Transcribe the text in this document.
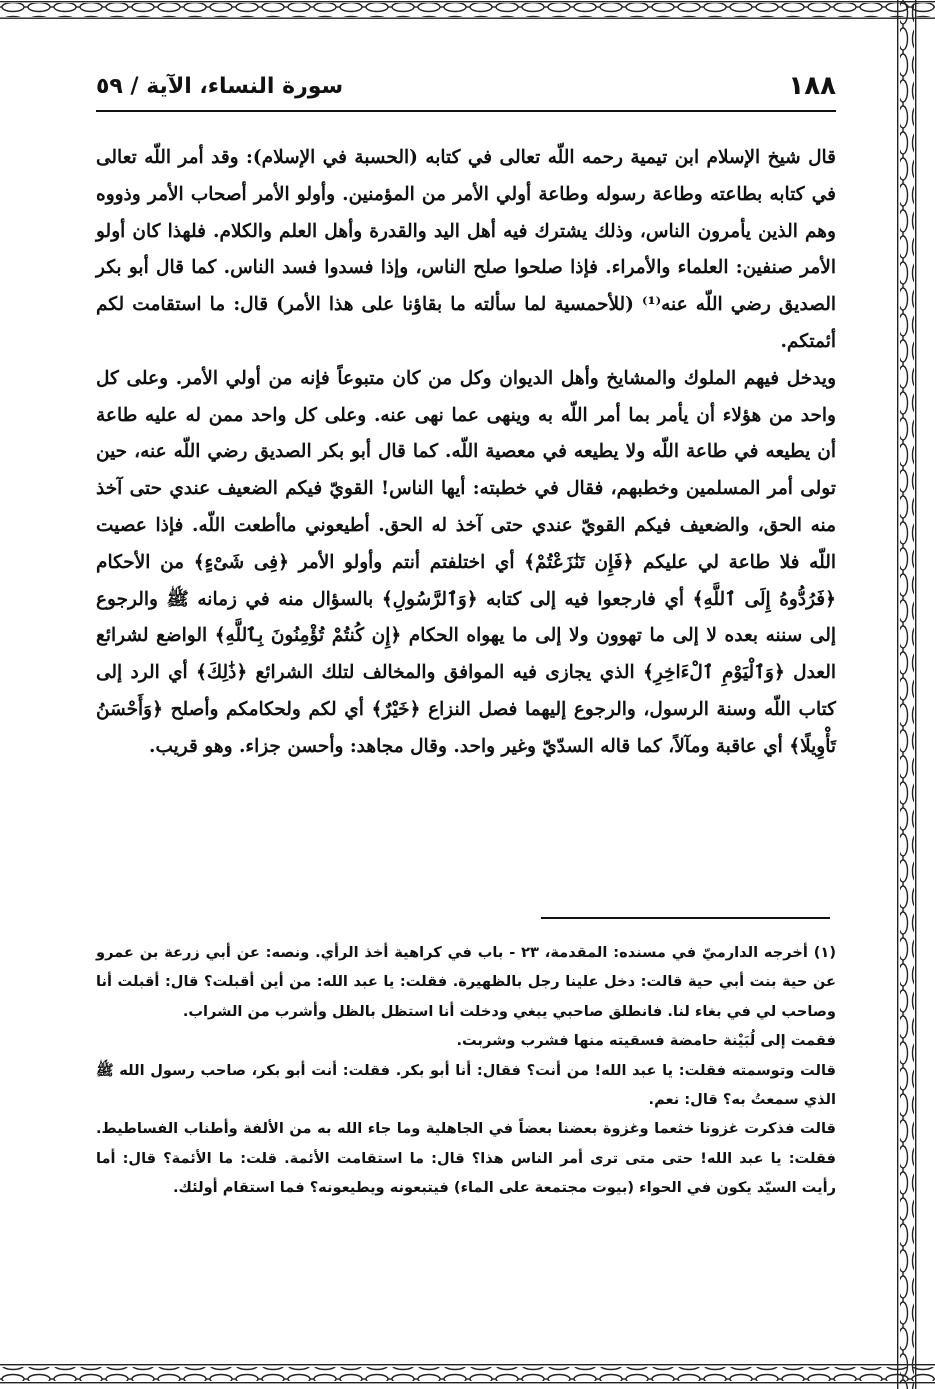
١٨٨
سورة النساء، الآية / ٥٩

قال شيخ الإسلام ابن تيمية رحمه اللّه تعالى في كتابه (الحسبة في الإسلام): وقد أمر اللّه تعالى في كتابه بطاعته وطاعة رسوله وطاعة أولي الأمر من المؤمنين. وأولو الأمر أصحاب الأمر وذووه وهم الذين يأمرون الناس، وذلك يشترك فيه أهل اليد والقدرة وأهل العلم والكلام. فلهذا كان أولو الأمر صنفين: العلماء والأمراء. فإذا صلحوا صلح الناس، وإذا فسدوا فسد الناس. كما قال أبو بكر الصديق رضي اللّه عنه⁽¹⁾ (للأحمسية لما سألته ما بقاؤنا على هذا الأمر) قال: ما استقامت لكم أئمتكم.

ويدخل فيهم الملوك والمشايخ وأهل الديوان وكل من كان متبوعاً فإنه من أولي الأمر. وعلى كل واحد من هؤلاء أن يأمر بما أمر اللّه به وينهى عما نهى عنه. وعلى كل واحد ممن له عليه طاعة أن يطيعه في طاعة اللّه ولا يطيعه في معصية اللّه. كما قال أبو بكر الصديق رضي اللّه عنه، حين تولى أمر المسلمين وخطبهم، فقال في خطبته: أيها الناس! القويّ فيكم الضعيف عندي حتى آخذ منه الحق، والضعيف فيكم القويّ عندي حتى آخذ له الحق. أطيعوني ماأطعت اللّه. فإذا عصيت اللّه فلا طاعة لي عليكم ﴿فَإِن تَنَٰزَعْتُمْ﴾ أي اختلفتم أنتم وأولو الأمر ﴿فِى شَىْءٍ﴾ من الأحكام ﴿فَرُدُّوهُ إِلَى ٱللَّهِ﴾ أي فارجعوا فيه إلى كتابه ﴿وَٱلرَّسُولِ﴾ بالسؤال منه في زمانه ﷺ والرجوع إلى سننه بعده لا إلى ما تهوون ولا إلى ما يهواه الحكام ﴿إِن كُنتُمْ تُؤْمِنُونَ بِٱللَّهِ﴾ الواضع لشرائع العدل ﴿وَٱلْيَوْمِ ٱلْءَاخِرِ﴾ الذي يجازى فيه الموافق والمخالف لتلك الشرائع ﴿ذَٰلِكَ﴾ أي الرد إلى كتاب اللّه وسنة الرسول، والرجوع إليهما فصل النزاع ﴿خَيْرٌ﴾ أي لكم ولحكامكم وأصلح ﴿وَأَحْسَنُ تَأْوِيلًا﴾ أي عاقبة ومآلاً، كما قاله السدّيّ وغير واحد. وقال مجاهد: وأحسن جزاء. وهو قريب.

(١) أخرجه الدارميّ في مسنده: المقدمة، ٢٣ - باب في كراهية أخذ الرأي. ونصه: عن أبي زرعة بن عمرو عن حية بنت أبي حية قالت: دخل علينا رجل بالظهيرة. فقلت: يا عبد الله: من أين أقبلت؟ قال: أقبلت أنا وصاحب لي في بغاء لنا. فانطلق صاحبي يبغي ودخلت أنا استظل بالظل وأشرب من الشراب.

فقمت إلى لُبَيْنة حامضة فسقيته منها فشرب وشربت.

قالت وتوسمته فقلت: يا عبد الله! من أنت؟ فقال: أنا أبو بكر. فقلت: أنت أبو بكر، صاحب رسول الله ﷺ الذي سمعتُ به؟ قال: نعم.

قالت فذكرت غزونا خثعما وغزوة بعضنا بعضاً في الجاهلية وما جاء الله به من الألفة وأطناب الفساطيط. فقلت: يا عبد الله! حتى متى ترى أمر الناس هذا؟ قال: ما استقامت الأئمة. قلت: ما الأئمة؟ قال: أما رأيت السيّد يكون في الحواء (بيوت مجتمعة على الماء) فيتبعونه ويطيعونه؟ فما استقام أولئك.
